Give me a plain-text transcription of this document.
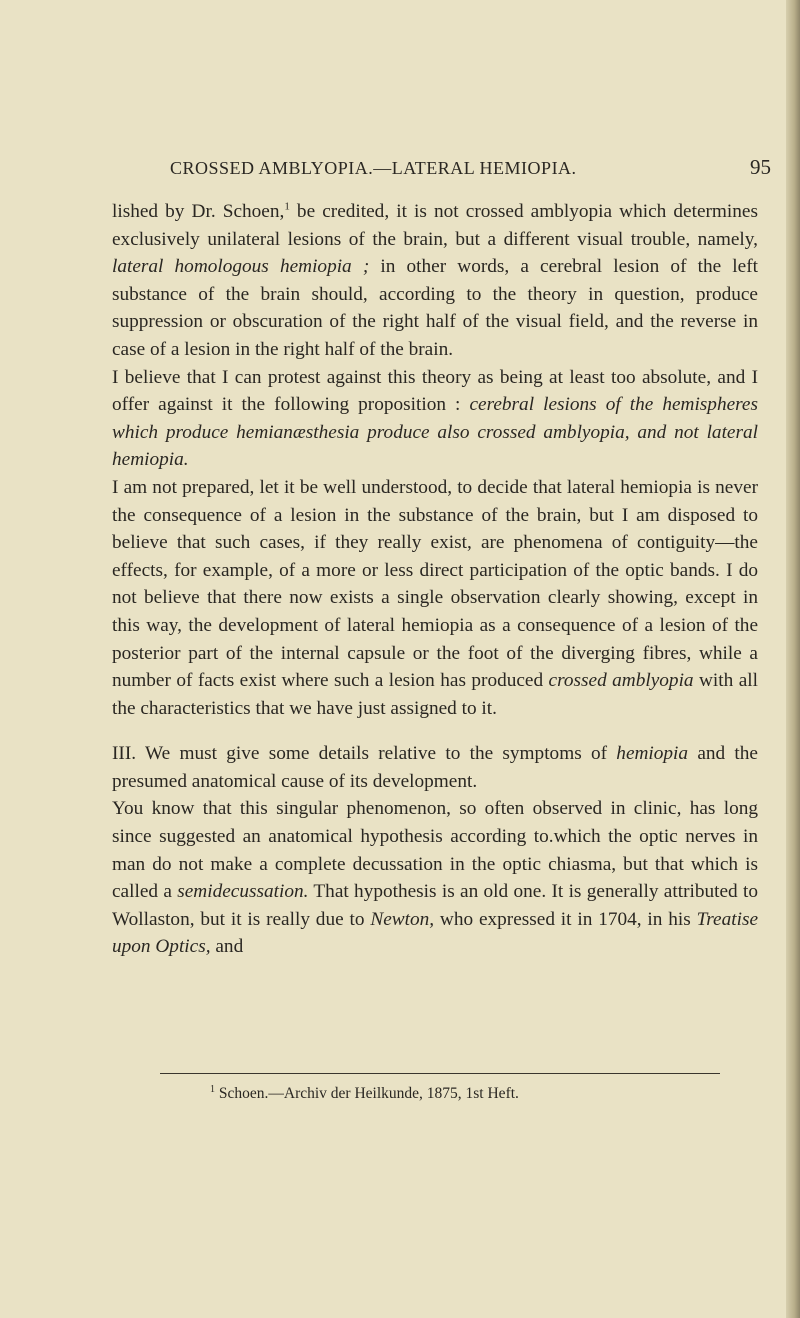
CROSSED AMBLYOPIA.—LATERAL HEMIOPIA.	95

lished by Dr. Schoen,$^1$ be credited, it is not crossed amblyopia which determines exclusively unilateral lesions of the brain, but a different visual trouble, namely, lateral homologous hemiopia ; in other words, a cerebral lesion of the left substance of the brain should, according to the theory in question, produce suppression or obscuration of the right half of the visual field, and the reverse in case of a lesion in the right half of the brain.

I believe that I can protest against this theory as being at least too absolute, and I offer against it the following proposition : cerebral lesions of the hemispheres which produce hemianæsthesia produce also crossed amblyopia, and not lateral hemiopia.

I am not prepared, let it be well understood, to decide that lateral hemiopia is never the consequence of a lesion in the substance of the brain, but I am disposed to believe that such cases, if they really exist, are phenomena of contiguity—the effects, for example, of a more or less direct participation of the optic bands. I do not believe that there now exists a single observation clearly showing, except in this way, the development of lateral hemiopia as a consequence of a lesion of the posterior part of the internal capsule or the foot of the diverging fibres, while a number of facts exist where such a lesion has produced crossed amblyopia with all the characteristics that we have just assigned to it.

III. We must give some details relative to the symptoms of hemiopia and the presumed anatomical cause of its development.

You know that this singular phenomenon, so often observed in clinic, has long since suggested an anatomical hypothesis according to.which the optic nerves in man do not make a complete decussation in the optic chiasma, but that which is called a semidecussation. That hypothesis is an old one. It is generally attributed to Wollaston, but it is really due to Newton, who expressed it in 1704, in his Treatise upon Optics, and

$^1$ Schoen.—Archiv der Heilkunde, 1875, 1st Heft.
